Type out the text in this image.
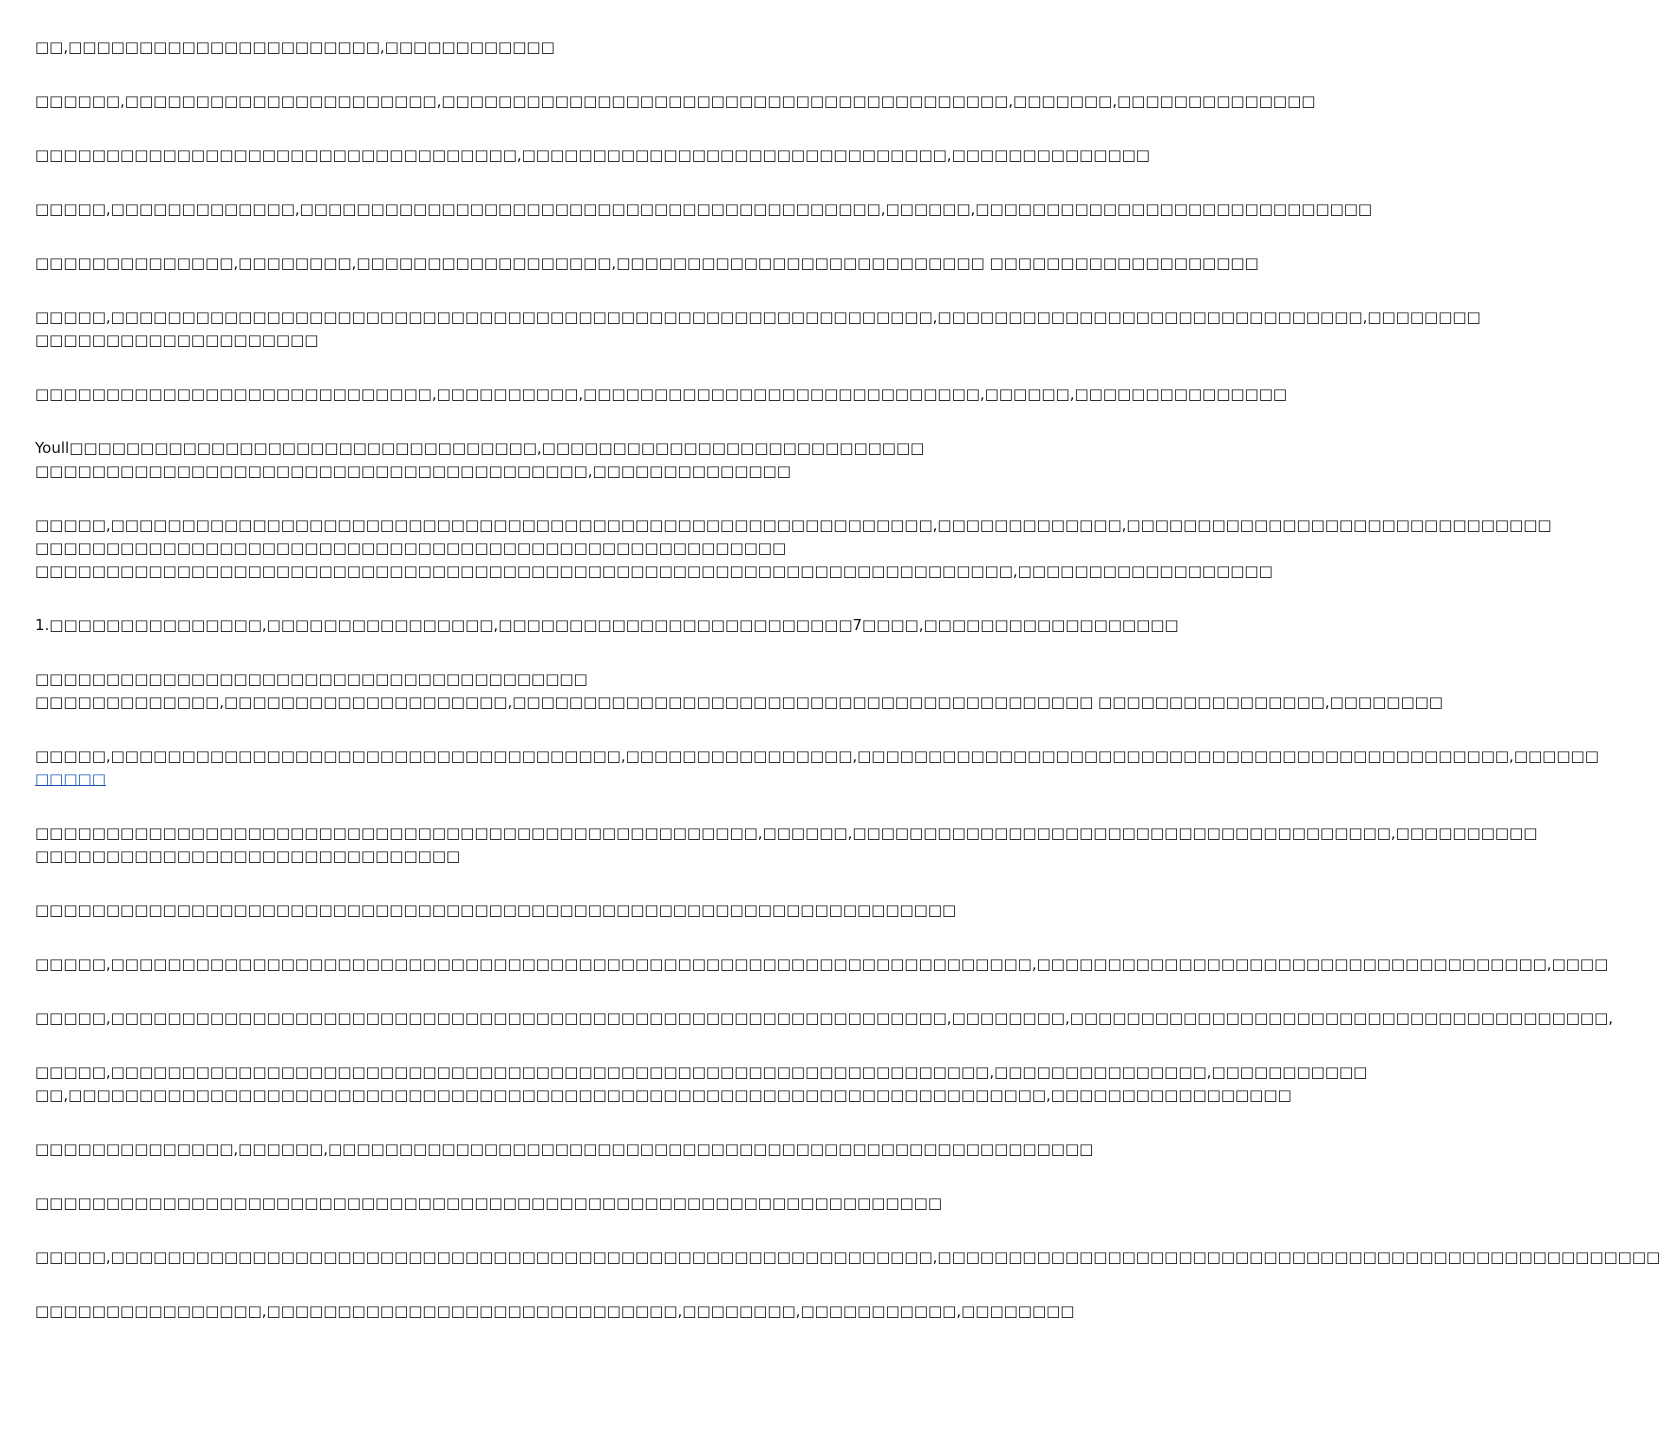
□□,□□□□□□□□□□□□□□□□□□□□□□,□□□□□□□□□□□□
□□□□□□,□□□□□□□□□□□□□□□□□□□□□□,□□□□□□□□□□□□□□□□□□□□□□□□□□□□□□□□□□□□□□□□,□□□□□□□,□□□□□□□□□□□□□□
□□□□□□□□□□□□□□□□□□□□□□□□□□□□□□□□□□,□□□□□□□□□□□□□□□□□□□□□□□□□□□□□□,□□□□□□□□□□□□□□
□□□□□,□□□□□□□□□□□□□,□□□□□□□□□□□□□□□□□□□□□□□□□□□□□□□□□□□□□□□□□,□□□□□□,□□□□□□□□□□□□□□□□□□□□□□□□□□□□
□□□□□□□□□□□□□□,□□□□□□□□,□□□□□□□□□□□□□□□□□□,□□□□□□□□□□□□□□□□□□□□□□□□□□ □□□□□□□□□□□□□□□□□□□
□□□□□,□□□□□□□□□□□□□□□□□□□□□□□□□□□□□□□□□□□□□□□□□□□□□□□□□□□□□□□□□□,□□□□□□□□□□□□□□□□□□□□□□□□□□□□□□,□□□□□□□□
□□□□□□□□□□□□□□□□□□□□
□□□□□□□□□□□□□□□□□□□□□□□□□□□□,□□□□□□□□□□,□□□□□□□□□□□□□□□□□□□□□□□□□□□□,□□□□□□,□□□□□□□□□□□□□□□
Youll□□□□□□□□□□□□□□□□□□□□□□□□□□□□□□□□□,□□□□□□□□□□□□□□□□□□□□□□□□□□□
□□□□□□□□□□□□□□□□□□□□□□□□□□□□□□□□□□□□□□□,□□□□□□□□□□□□□□
□□□□□,□□□□□□□□□□□□□□□□□□□□□□□□□□□□□□□□□□□□□□□□□□□□□□□□□□□□□□□□□□,□□□□□□□□□□□□□,□□□□□□□□□□□□□□□□□□□□□□□□□□□□□□
□□□□□□□□□□□□□□□□□□□□□□□□□□□□□□□□□□□□□□□□□□□□□□□□□□□□□
□□□□□□□□□□□□□□□□□□□□□□□□□□□□□□□□□□□□□□□□□□□□□□□□□□□□□□□□□□□□□□□□□□□□□,□□□□□□□□□□□□□□□□□□
1.□□□□□□□□□□□□□□□,□□□□□□□□□□□□□□□□,□□□□□□□□□□□□□□□□□□□□□□□□□7□□□□,□□□□□□□□□□□□□□□□□□
□□□□□□□□□□□□□□□□□□□□□□□□□□□□□□□□□□□□□□□
□□□□□□□□□□□□□,□□□□□□□□□□□□□□□□□□□□,□□□□□□□□□□□□□□□□□□□□□□□□□□□□□□□□□□□□□□□□□ □□□□□□□□□□□□□□□□,□□□□□□□□
□□□□□,□□□□□□□□□□□□□□□□□□□□□□□□□□□□□□□□□□□□,□□□□□□□□□□□□□□□□,□□□□□□□□□□□□□□□□□□□□□□□□□□□□□□□□□□□□□□□□□□□□□□,□□□□□□
□□□□□
□□□□□□□□□□□□□□□□□□□□□□□□□□□□□□□□□□□□□□□□□□□□□□□□□□□,□□□□□□,□□□□□□□□□□□□□□□□□□□□□□□□□□□□□□□□□□□□□□,□□□□□□□□□□
□□□□□□□□□□□□□□□□□□□□□□□□□□□□□□
□□□□□□□□□□□□□□□□□□□□□□□□□□□□□□□□□□□□□□□□□□□□□□□□□□□□□□□□□□□□□□□□□
□□□□□,□□□□□□□□□□□□□□□□□□□□□□□□□□□□□□□□□□□□□□□□□□□□□□□□□□□□□□□□□□□□□□□□□,□□□□□□□□□□□□□□□□□□□□□□□□□□□□□□□□□□□□,□□□□
□□□□□,□□□□□□□□□□□□□□□□□□□□□□□□□□□□□□□□□□□□□□□□□□□□□□□□□□□□□□□□□□□,□□□□□□□□,□□□□□□□□□□□□□□□□□□□□□□□□□□□□□□□□□□□□□□,
□□□□□,□□□□□□□□□□□□□□□□□□□□□□□□□□□□□□□□□□□□□□□□□□□□□□□□□□□□□□□□□□□□□□,□□□□□□□□□□□□□□□,□□□□□□□□□□□
□□,□□□□□□□□□□□□□□□□□□□□□□□□□□□□□□□□□□□□□□□□□□□□□□□□□□□□□□□□□□□□□□□□□□□□□,□□□□□□□□□□□□□□□□□
□□□□□□□□□□□□□□,□□□□□□,□□□□□□□□□□□□□□□□□□□□□□□□□□□□□□□□□□□□□□□□□□□□□□□□□□□□□□
□□□□□□□□□□□□□□□□□□□□□□□□□□□□□□□□□□□□□□□□□□□□□□□□□□□□□□□□□□□□□□□□
□□□□□,□□□□□□□□□□□□□□□□□□□□□□□□□□□□□□□□□□□□□□□□□□□□□□□□□□□□□□□□□□,□□□□□□□□□□□□□□□□□□□□□□□□□□□□□□□□□□□□□□□□□□□□□□□□□□□
□□□□□□□□□□□□□□□□,□□□□□□□□□□□□□□□□□□□□□□□□□□□□□,□□□□□□□□,□□□□□□□□□□□,□□□□□□□□
